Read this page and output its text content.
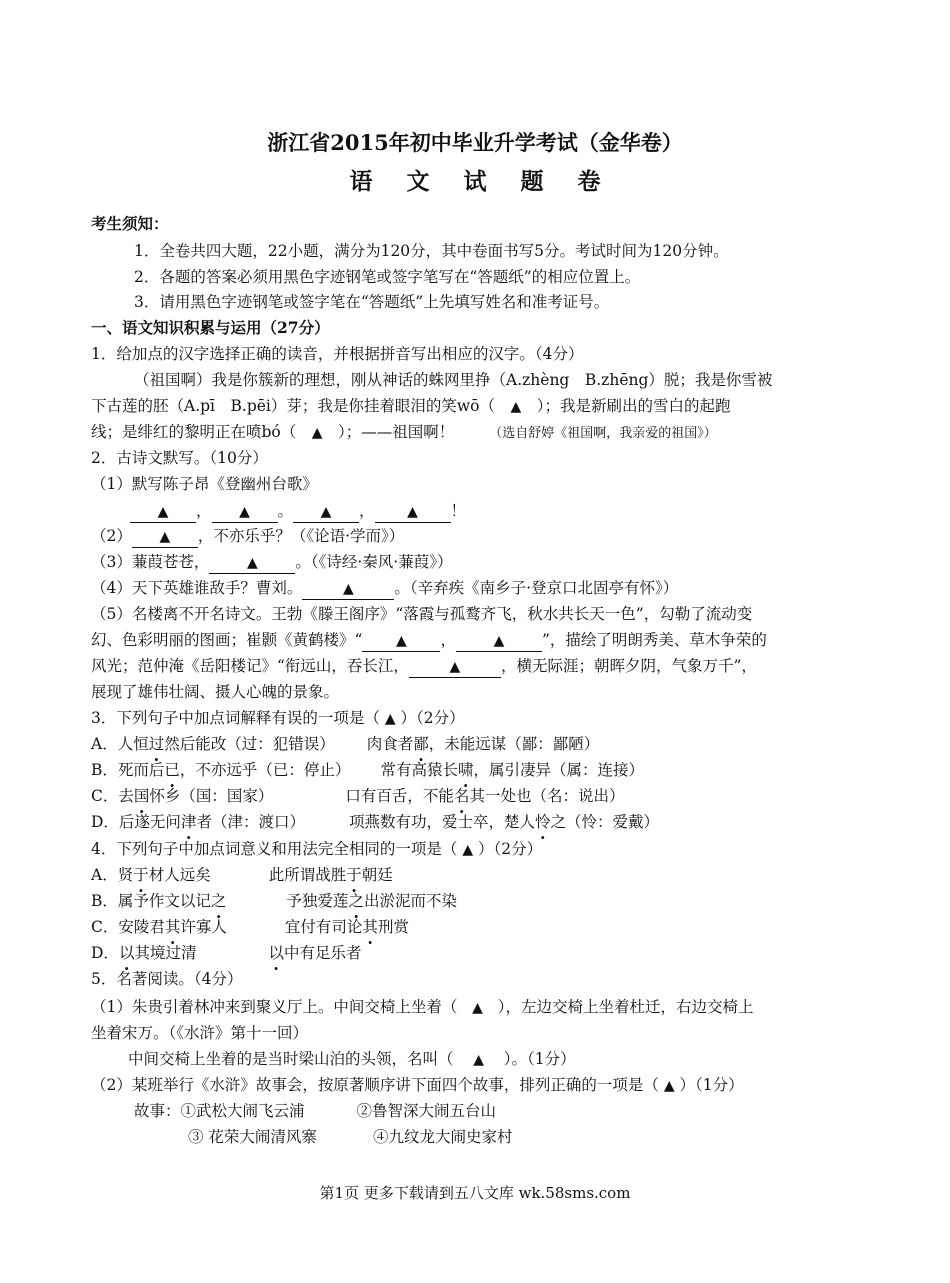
浙江省2015年初中毕业升学考试（金华卷）
语文试题卷
考生须知：
1．全卷共四大题，22小题，满分为120分，其中卷面书写5分。考试时间为120分钟。
2．各题的答案必须用黑色字迹钢笔或签字笔写在“答题纸”的相应位置上。
3．请用黑色字迹钢笔或签字笔在“答题纸”上先填写姓名和准考证号。
一、语文知识积累与运用（27分）
1．给加点的汉字选择正确的读音，并根据拼音写出相应的汉字。（4分）
（祖国啊）我是你簇新的理想，刚从神话的蛛网里挣（A.zhèng　B.zhēng）脱；我是你雪被
下古莲的胚（A.pī　B.pēi）芽；我是你挂着眼泪的笑wō（　▲　）；我是新刷出的雪白的起跑
线；是绯红的黎明正在喷bó（　▲　）；——祖国啊！	（选自舒婷《祖国啊，我亲爱的祖国》）
2．古诗文默写。（10分）
（1）默写陈子昂《登幽州台歌》
▲ ， ▲ 。 ▲ ， ▲ ！
（2） ▲ ，不亦乐乎？（《论语·学而》）
（3）蒹葭苍苍，	▲ 。（《诗经·秦风·蒹葭》）
（4）天下英雄谁敌手？曹刘。	▲	。（辛弃疾《南乡子·登京口北固亭有怀》）
（5）名楼离不开名诗文。王勃《滕王阁序》“落霞与孤鹜齐飞，秋水共长天一色”，勾勒了流动变
幻、色彩明丽的图画；崔颢《黄鹤楼》“ ▲ ，	▲ ”，描绘了明朗秀美、草木争荣的
风光；范仲淹《岳阳楼记》“衔远山，吞长江，	▲	，横无际涯；朝晖夕阴，气象万千”，
展现了雄伟壮阔、摄人心魄的景象。
3．下列句子中加点词解释有误的一项是（ ▲ ）（2分）
A．人恒过然后能改（过：犯错误） 肉食者鄙，未能远谋（鄙：鄙陋）
B．死而后已，不亦远乎（已：停止） 常有高猿长啸，属引凄异（属：连接）
C．去国怀乡（国：国家）	口有百舌，不能名其一处也（名：说出）
D．后遂无问津者（津：渡口）	项燕数有功，爱士卒，楚人怜之（怜：爱戴）
4．下列句子中加点词意义和用法完全相同的一项是（ ▲ ）（2分）
A．贤于材人远矣	此所谓战胜于朝廷
B．属予作文以记之	予独爱莲之出淤泥而不染
C．安陵君其许寡人	宜付有司论其刑赏
D．以其境过清	以中有足乐者
5．名著阅读。（4分）
（1）朱贵引着林冲来到聚义厅上。中间交椅上坐着（ ▲ ），左边交椅上坐着杜迁，右边交椅上
坐着宋万。（《水浒》第十一回）
中间交椅上坐着的是当时梁山泊的头领，名叫（ ▲ ）。（1分）
（2）某班举行《水浒》故事会，按原著顺序讲下面四个故事，排列正确的一项是（ ▲ ）（1分）
故事：①武松大闹飞云浦	②鲁智深大闹五台山
③ 花荣大闹清风寨	④九纹龙大闹史家村
第1页 更多下载请到五八文库 wk.58sms.com
